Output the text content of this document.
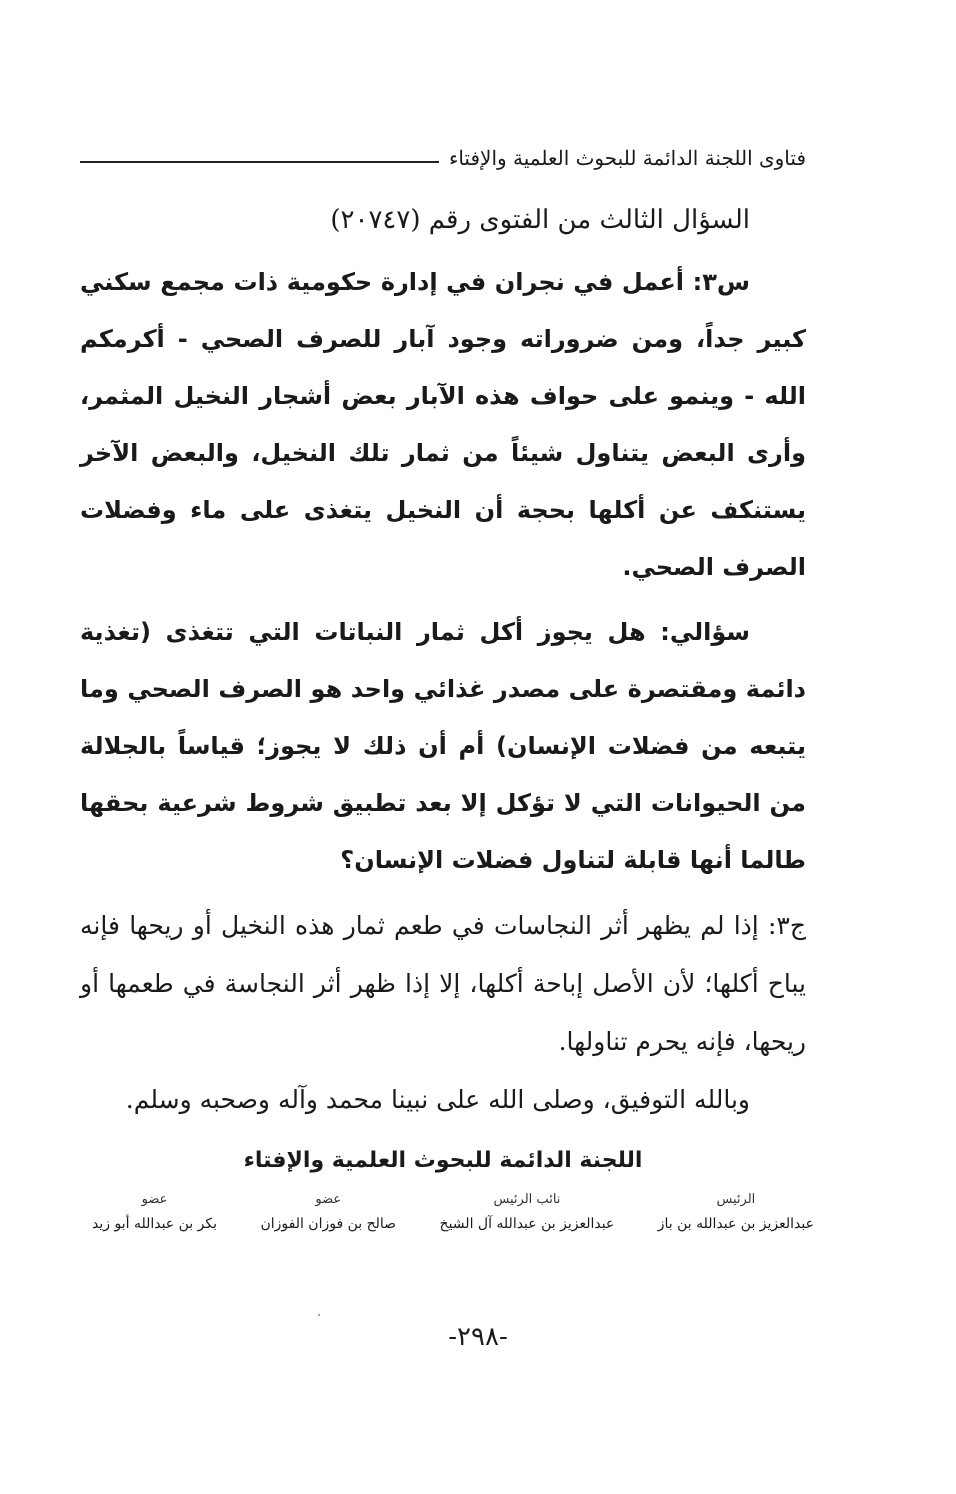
فتاوى اللجنة الدائمة للبحوث العلمية والإفتاء

السؤال الثالث من الفتوى رقم (٢٠٧٤٧)

س٣: أعمل في نجران في إدارة حكومية ذات مجمع سكني كبير جداً، ومن ضروراته وجود آبار للصرف الصحي - أكرمكم الله - وينمو على حواف هذه الآبار بعض أشجار النخيل المثمر، وأرى البعض يتناول شيئاً من ثمار تلك النخيل، والبعض الآخر يستنكف عن أكلها بحجة أن النخيل يتغذى على ماء وفضلات الصرف الصحي.

سؤالي: هل يجوز أكل ثمار النباتات التي تتغذى (تغذية دائمة ومقتصرة على مصدر غذائي واحد هو الصرف الصحي وما يتبعه من فضلات الإنسان) أم أن ذلك لا يجوز؛ قياساً بالجلالة من الحيوانات التي لا تؤكل إلا بعد تطبيق شروط شرعية بحقها طالما أنها قابلة لتناول فضلات الإنسان؟

ج٣: إذا لم يظهر أثر النجاسات في طعم ثمار هذه النخيل أو ريحها فإنه يباح أكلها؛ لأن الأصل إباحة أكلها، إلا إذا ظهر أثر النجاسة في طعمها أو ريحها، فإنه يحرم تناولها.

وبالله التوفيق، وصلى الله على نبينا محمد وآله وصحبه وسلم.

اللجنة الدائمة للبحوث العلمية والإفتاء
الرئيس
عبدالعزيز بن عبدالله بن باز
نائب الرئيس
عبدالعزيز بن عبدالله آل الشيخ
عضو
صالح بن فوزان الفوزان
عضو
بكر بن عبدالله أبو زيد
-٢٩٨-
